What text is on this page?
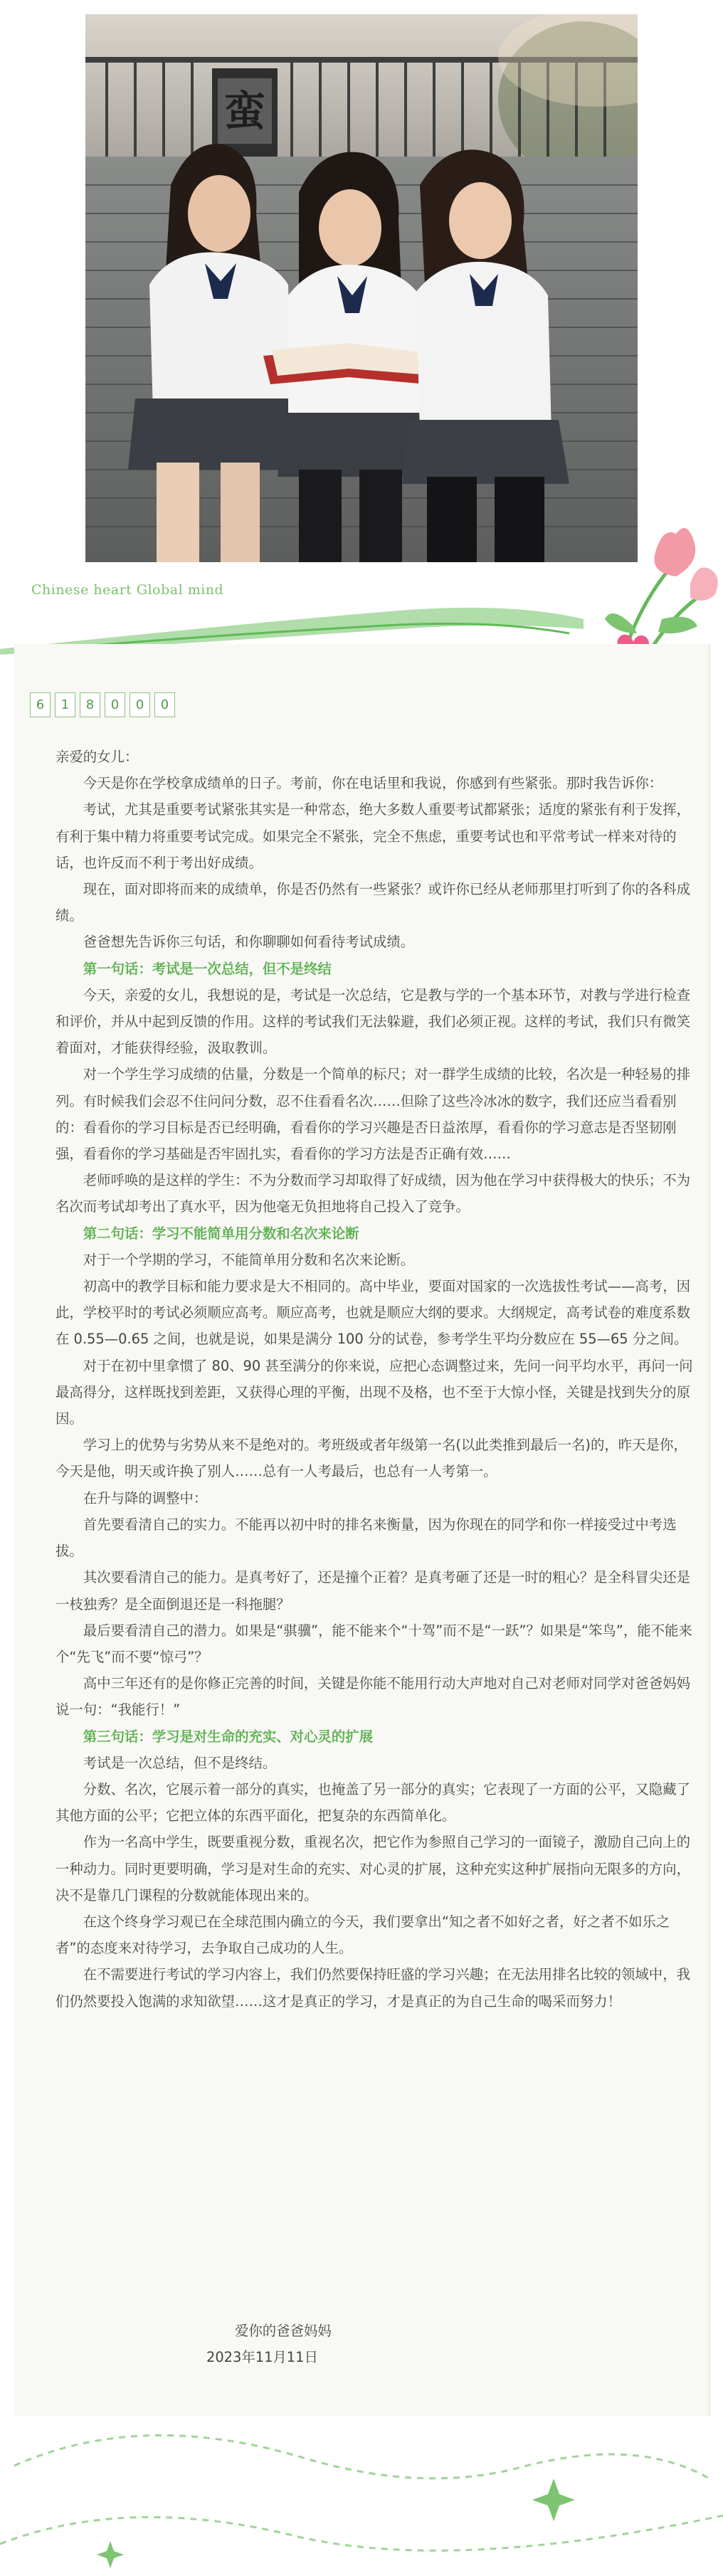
蛮
Chinese heart Global mind
6	1	8	0	0	0

亲爱的女儿：

今天是你在学校拿成绩单的日子。考前，你在电话里和我说，你感到有些紧张。那时我告诉你：

考试，尤其是重要考试紧张其实是一种常态，绝大多数人重要考试都紧张；适度的紧张有利于发挥，有利于集中精力将重要考试完成。如果完全不紧张，完全不焦虑，重要考试也和平常考试一样来对待的话，也许反而不利于考出好成绩。

现在，面对即将而来的成绩单，你是否仍然有一些紧张？或许你已经从老师那里打听到了你的各科成绩。

爸爸想先告诉你三句话，和你聊聊如何看待考试成绩。

第一句话：考试是一次总结，但不是终结

今天，亲爱的女儿，我想说的是，考试是一次总结，它是教与学的一个基本环节，对教与学进行检查和评价，并从中起到反馈的作用。这样的考试我们无法躲避，我们必须正视。这样的考试，我们只有微笑着面对，才能获得经验，汲取教训。

对一个学生学习成绩的估量，分数是一个简单的标尺；对一群学生成绩的比较，名次是一种轻易的排列。有时候我们会忍不住问问分数，忍不住看看名次……但除了这些冷冰冰的数字，我们还应当看看别的：看看你的学习目标是否已经明确，看看你的学习兴趣是否日益浓厚，看看你的学习意志是否坚韧刚强，看看你的学习基础是否牢固扎实，看看你的学习方法是否正确有效……

老师呼唤的是这样的学生：不为分数而学习却取得了好成绩，因为他在学习中获得极大的快乐；不为名次而考试却考出了真水平，因为他毫无负担地将自己投入了竞争。

第二句话：学习不能简单用分数和名次来论断

对于一个学期的学习，不能简单用分数和名次来论断。

初高中的教学目标和能力要求是大不相同的。高中毕业，要面对国家的一次选拔性考试——高考，因此，学校平时的考试必须顺应高考。顺应高考，也就是顺应大纲的要求。大纲规定，高考试卷的难度系数在 0.55—0.65 之间，也就是说，如果是满分 100 分的试卷，参考学生平均分数应在 55—65 分之间。

对于在初中里拿惯了 80、90 甚至满分的你来说，应把心态调整过来，先问一问平均水平，再问一问最高得分，这样既找到差距，又获得心理的平衡，出现不及格，也不至于大惊小怪，关键是找到失分的原因。

学习上的优势与劣势从来不是绝对的。考班级或者年级第一名(以此类推到最后一名)的，昨天是你，今天是他，明天或许换了别人……总有一人考最后，也总有一人考第一。

在升与降的调整中：

首先要看清自己的实力。不能再以初中时的排名来衡量，因为你现在的同学和你一样接受过中考选拔。

其次要看清自己的能力。是真考好了，还是撞个正着？是真考砸了还是一时的粗心？是全科冒尖还是一枝独秀？是全面倒退还是一科拖腿？

最后要看清自己的潜力。如果是“骐骥”，能不能来个“十驾”而不是“一跃”？如果是“笨鸟”，能不能来个“先飞”而不要“惊弓”？

高中三年还有的是你修正完善的时间，关键是你能不能用行动大声地对自己对老师对同学对爸爸妈妈说一句：“我能行！”

第三句话：学习是对生命的充实、对心灵的扩展

考试是一次总结，但不是终结。

分数、名次，它展示着一部分的真实，也掩盖了另一部分的真实；它表现了一方面的公平，又隐藏了其他方面的公平；它把立体的东西平面化，把复杂的东西简单化。

作为一名高中学生，既要重视分数，重视名次，把它作为参照自己学习的一面镜子，激励自己向上的一种动力。同时更要明确，学习是对生命的充实、对心灵的扩展，这种充实这种扩展指向无限多的方向，决不是靠几门课程的分数就能体现出来的。

在这个终身学习观已在全球范围内确立的今天，我们要拿出“知之者不如好之者，好之者不如乐之者”的态度来对待学习，去争取自己成功的人生。

在不需要进行考试的学习内容上，我们仍然要保持旺盛的学习兴趣；在无法用排名比较的领域中，我们仍然要投入饱满的求知欲望……这才是真正的学习，才是真正的为自己生命的喝采而努力！

爱你的爸爸妈妈
2023年11月11日
